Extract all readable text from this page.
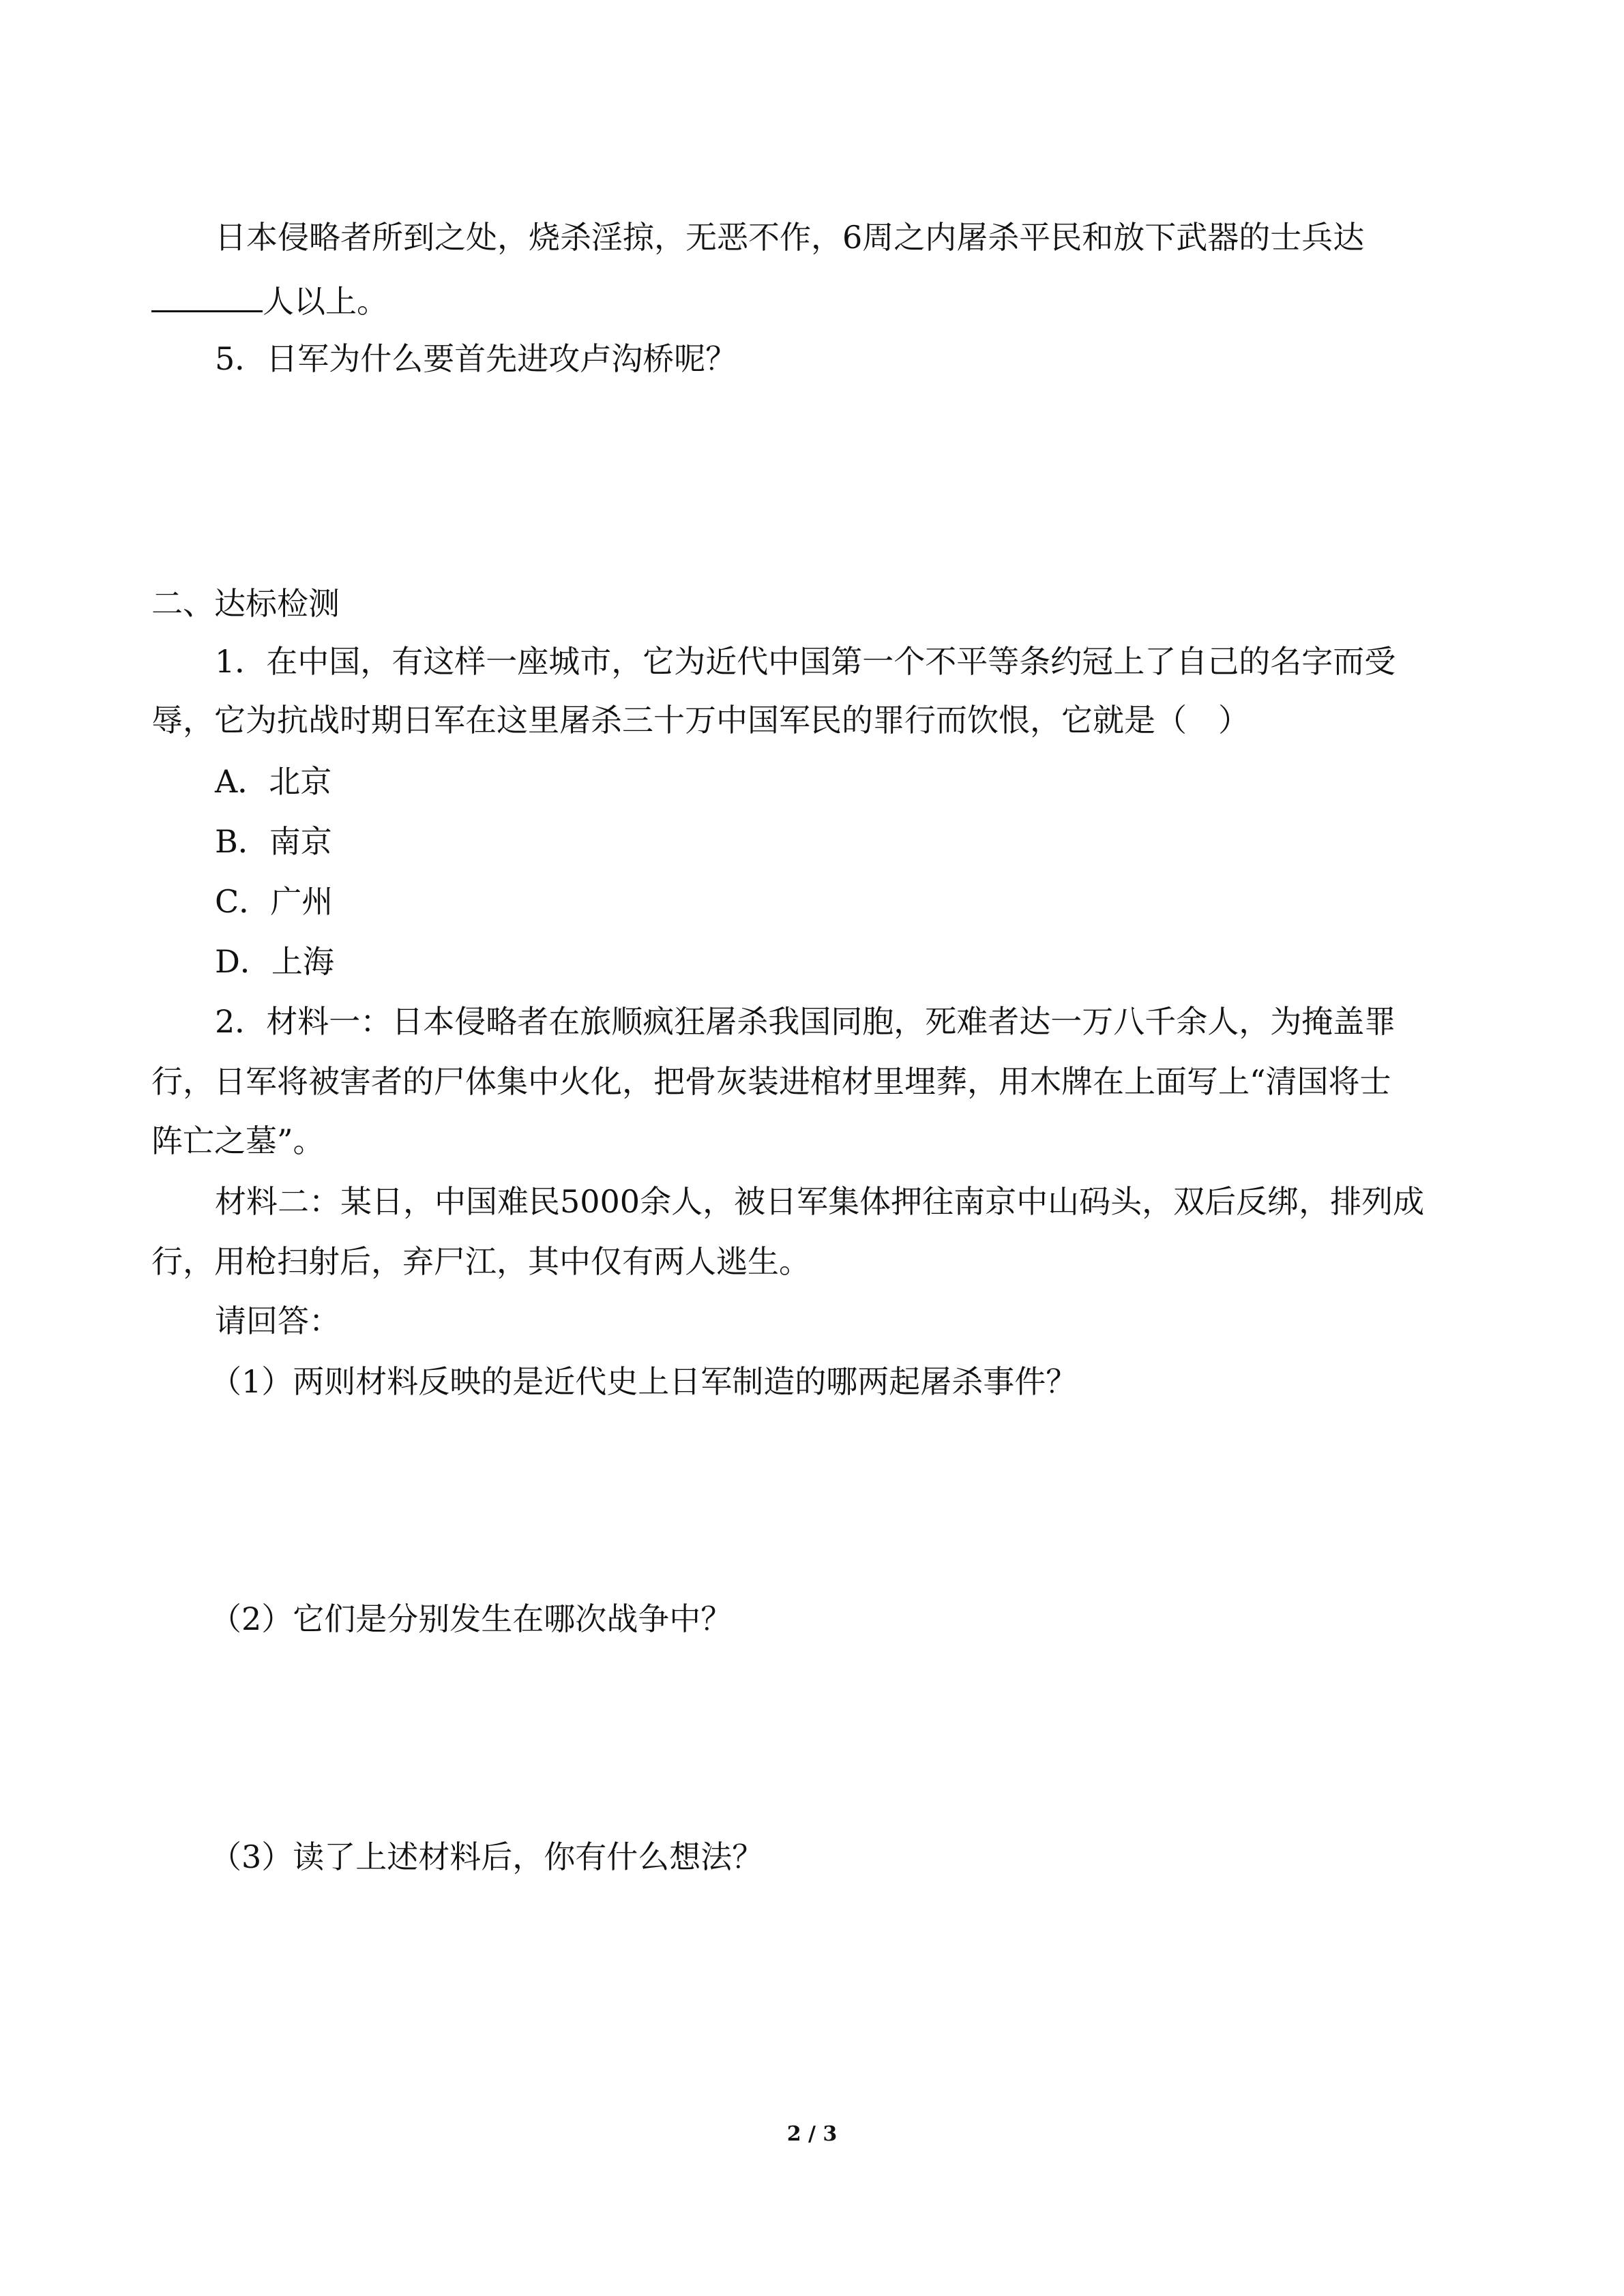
日本侵略者所到之处，烧杀淫掠，无恶不作，6周之内屠杀平民和放下武器的士兵达
人以上。
5．日军为什么要首先进攻卢沟桥呢？
二、达标检测
1．在中国，有这样一座城市，它为近代中国第一个不平等条约冠上了自己的名字而受
辱，它为抗战时期日军在这里屠杀三十万中国军民的罪行而饮恨，它就是（　）
A．北京
B．南京
C．广州
D．上海
2．材料一：日本侵略者在旅顺疯狂屠杀我国同胞，死难者达一万八千余人，为掩盖罪
行，日军将被害者的尸体集中火化，把骨灰装进棺材里埋葬，用木牌在上面写上“清国将士
阵亡之墓”。
材料二：某日，中国难民5000余人，被日军集体押往南京中山码头，双后反绑，排列成
行，用枪扫射后，弃尸江，其中仅有两人逃生。
请回答：
（1）两则材料反映的是近代史上日军制造的哪两起屠杀事件？
（2）它们是分别发生在哪次战争中？
（3）读了上述材料后，你有什么想法？
2 / 3
